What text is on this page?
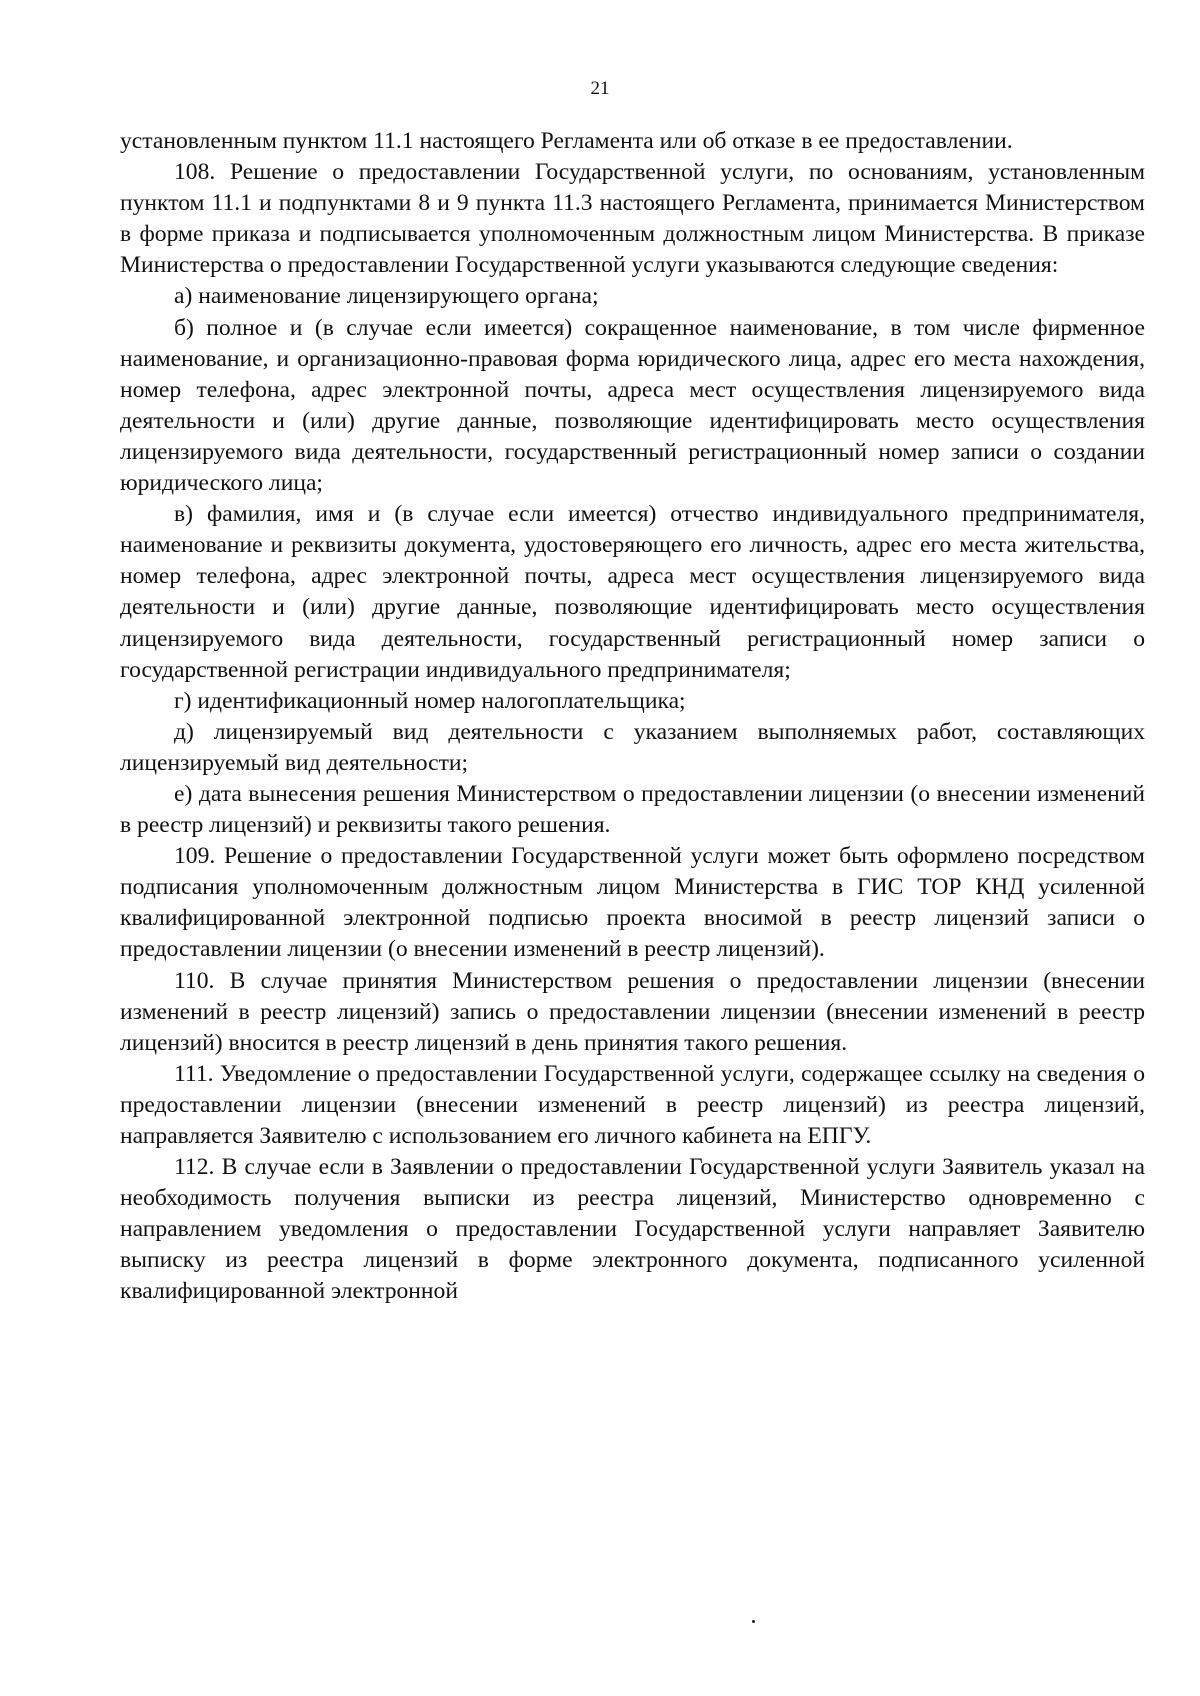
21

установленным пунктом 11.1 настоящего Регламента или об отказе в ее предоставлении.

108. Решение о предоставлении Государственной услуги, по основаниям, установленным пунктом 11.1 и подпунктами 8 и 9 пункта 11.3 настоящего Регламента, принимается Министерством в форме приказа и подписывается уполномоченным должностным лицом Министерства. В приказе Министерства о предоставлении Государственной услуги указываются следующие сведения:

а) наименование лицензирующего органа;

б) полное и (в случае если имеется) сокращенное наименование, в том числе фирменное наименование, и организационно-правовая форма юридического лица, адрес его места нахождения, номер телефона, адрес электронной почты, адреса мест осуществления лицензируемого вида деятельности и (или) другие данные, позволяющие идентифицировать место осуществления лицензируемого вида деятельности, государственный регистрационный номер записи о создании юридического лица;

в) фамилия, имя и (в случае если имеется) отчество индивидуального предпринимателя, наименование и реквизиты документа, удостоверяющего его личность, адрес его места жительства, номер телефона, адрес электронной почты, адреса мест осуществления лицензируемого вида деятельности и (или) другие данные, позволяющие идентифицировать место осуществления лицензируемого вида деятельности, государственный регистрационный номер записи о государственной регистрации индивидуального предпринимателя;

г) идентификационный номер налогоплательщика;

д) лицензируемый вид деятельности с указанием выполняемых работ, составляющих лицензируемый вид деятельности;

е) дата вынесения решения Министерством о предоставлении лицензии (о внесении изменений в реестр лицензий) и реквизиты такого решения.

109. Решение о предоставлении Государственной услуги может быть оформлено посредством подписания уполномоченным должностным лицом Министерства в ГИС ТОР КНД усиленной квалифицированной электронной подписью проекта вносимой в реестр лицензий записи о предоставлении лицензии (о внесении изменений в реестр лицензий).

110. В случае принятия Министерством решения о предоставлении лицензии (внесении изменений в реестр лицензий) запись о предоставлении лицензии (внесении изменений в реестр лицензий) вносится в реестр лицензий в день принятия такого решения.

111. Уведомление о предоставлении Государственной услуги, содержащее ссылку на сведения о предоставлении лицензии (внесении изменений в реестр лицензий) из реестра лицензий, направляется Заявителю с использованием его личного кабинета на ЕПГУ.

112. В случае если в Заявлении о предоставлении Государственной услуги Заявитель указал на необходимость получения выписки из реестра лицензий, Министерство одновременно с направлением уведомления о предоставлении Государственной услуги направляет Заявителю выписку из реестра лицензий в форме электронного документа, подписанного усиленной квалифицированной электронной
